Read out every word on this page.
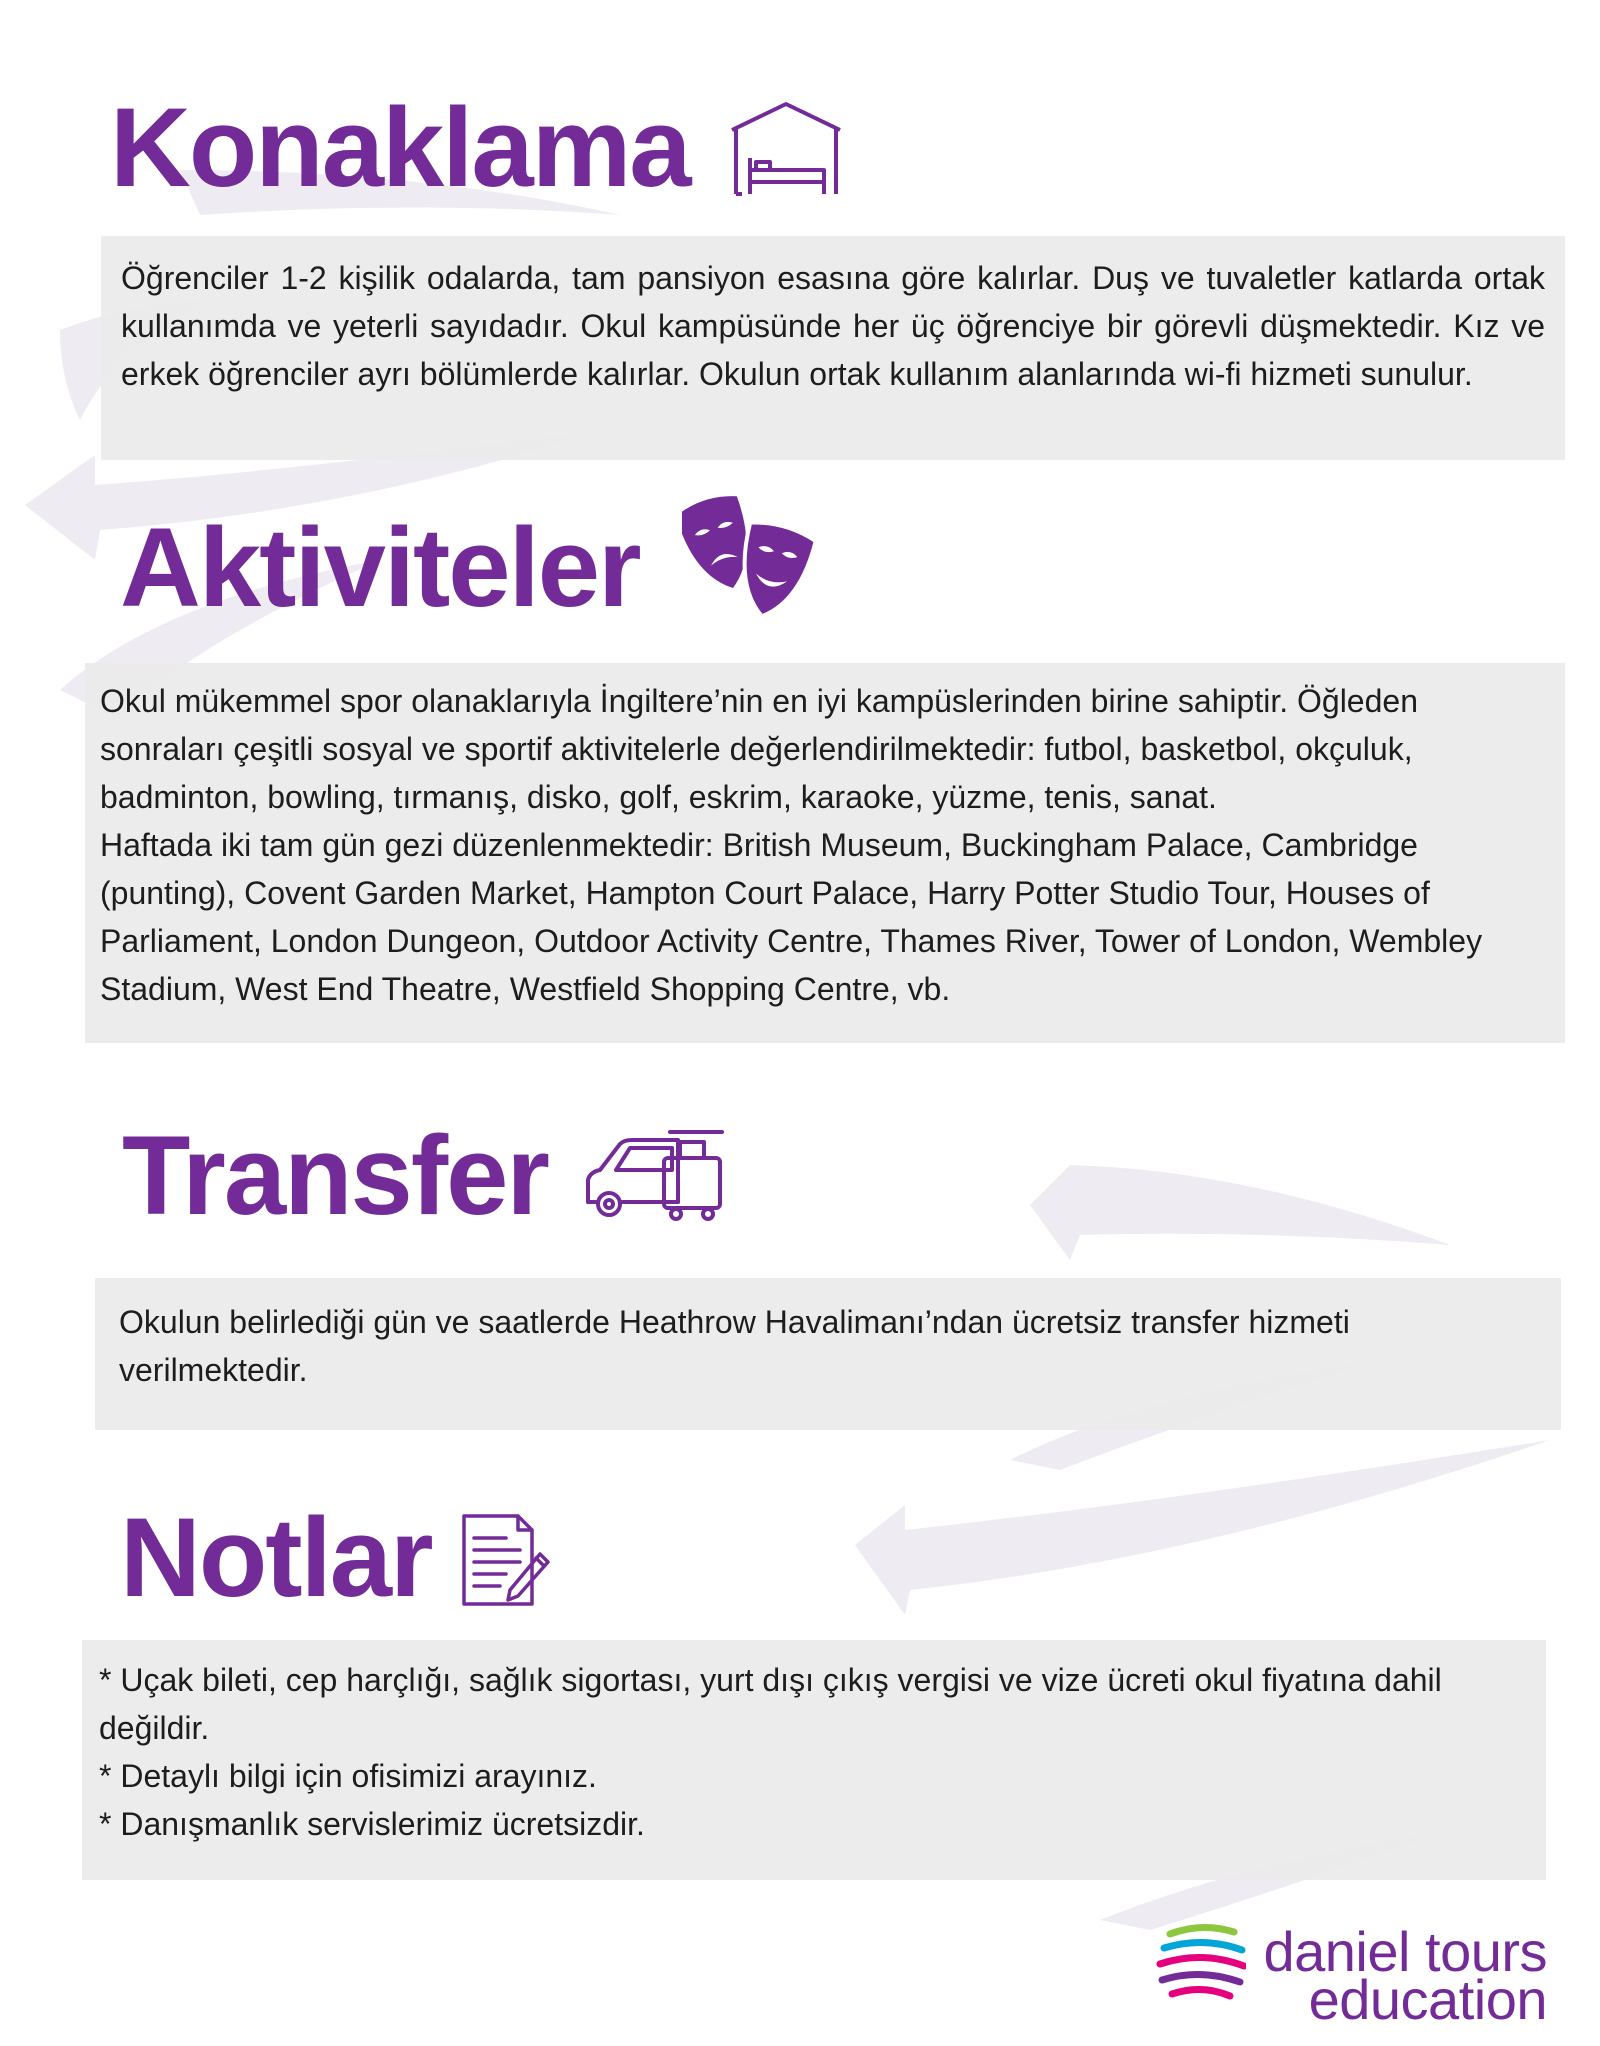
Konaklama

Öğrenciler 1-2 kişilik odalarda, tam pansiyon esasına göre kalırlar. Duş ve tuvaletler katlarda ortak kullanımda ve yeterli sayıdadır. Okul kampüsünde her üç öğrenciye bir görevli düşmektedir. Kız ve erkek öğrenciler ayrı bölümlerde kalırlar. Okulun ortak kullanım alanlarında wi-fi hizmeti sunulur.

Aktiviteler

Okul mükemmel spor olanaklarıyla İngiltere’nin en iyi kampüslerinden birine sahiptir. Öğleden sonraları çeşitli sosyal ve sportif aktivitelerle değerlendirilmektedir: futbol, basketbol, okçuluk, badminton, bowling, tırmanış, disko, golf, eskrim, karaoke, yüzme, tenis, sanat.

Haftada iki tam gün gezi düzenlenmektedir: British Museum, Buckingham Palace, Cambridge (punting), Covent Garden Market, Hampton Court Palace, Harry Potter Studio Tour, Houses of Parliament, London Dungeon, Outdoor Activity Centre, Thames River, Tower of London, Wembley Stadium, West End Theatre, Westfield Shopping Centre, vb.

Transfer

Okulun belirlediği gün ve saatlerde Heathrow Havalimanı’ndan ücretsiz transfer hizmeti verilmektedir.

Notlar

* Uçak bileti, cep harçlığı, sağlık sigortası, yurt dışı çıkış vergisi ve vize ücreti okul fiyatına dahil değildir.

* Detaylı bilgi için ofisimizi arayınız.

* Danışmanlık servislerimiz ücretsizdir.

daniel tours
education
